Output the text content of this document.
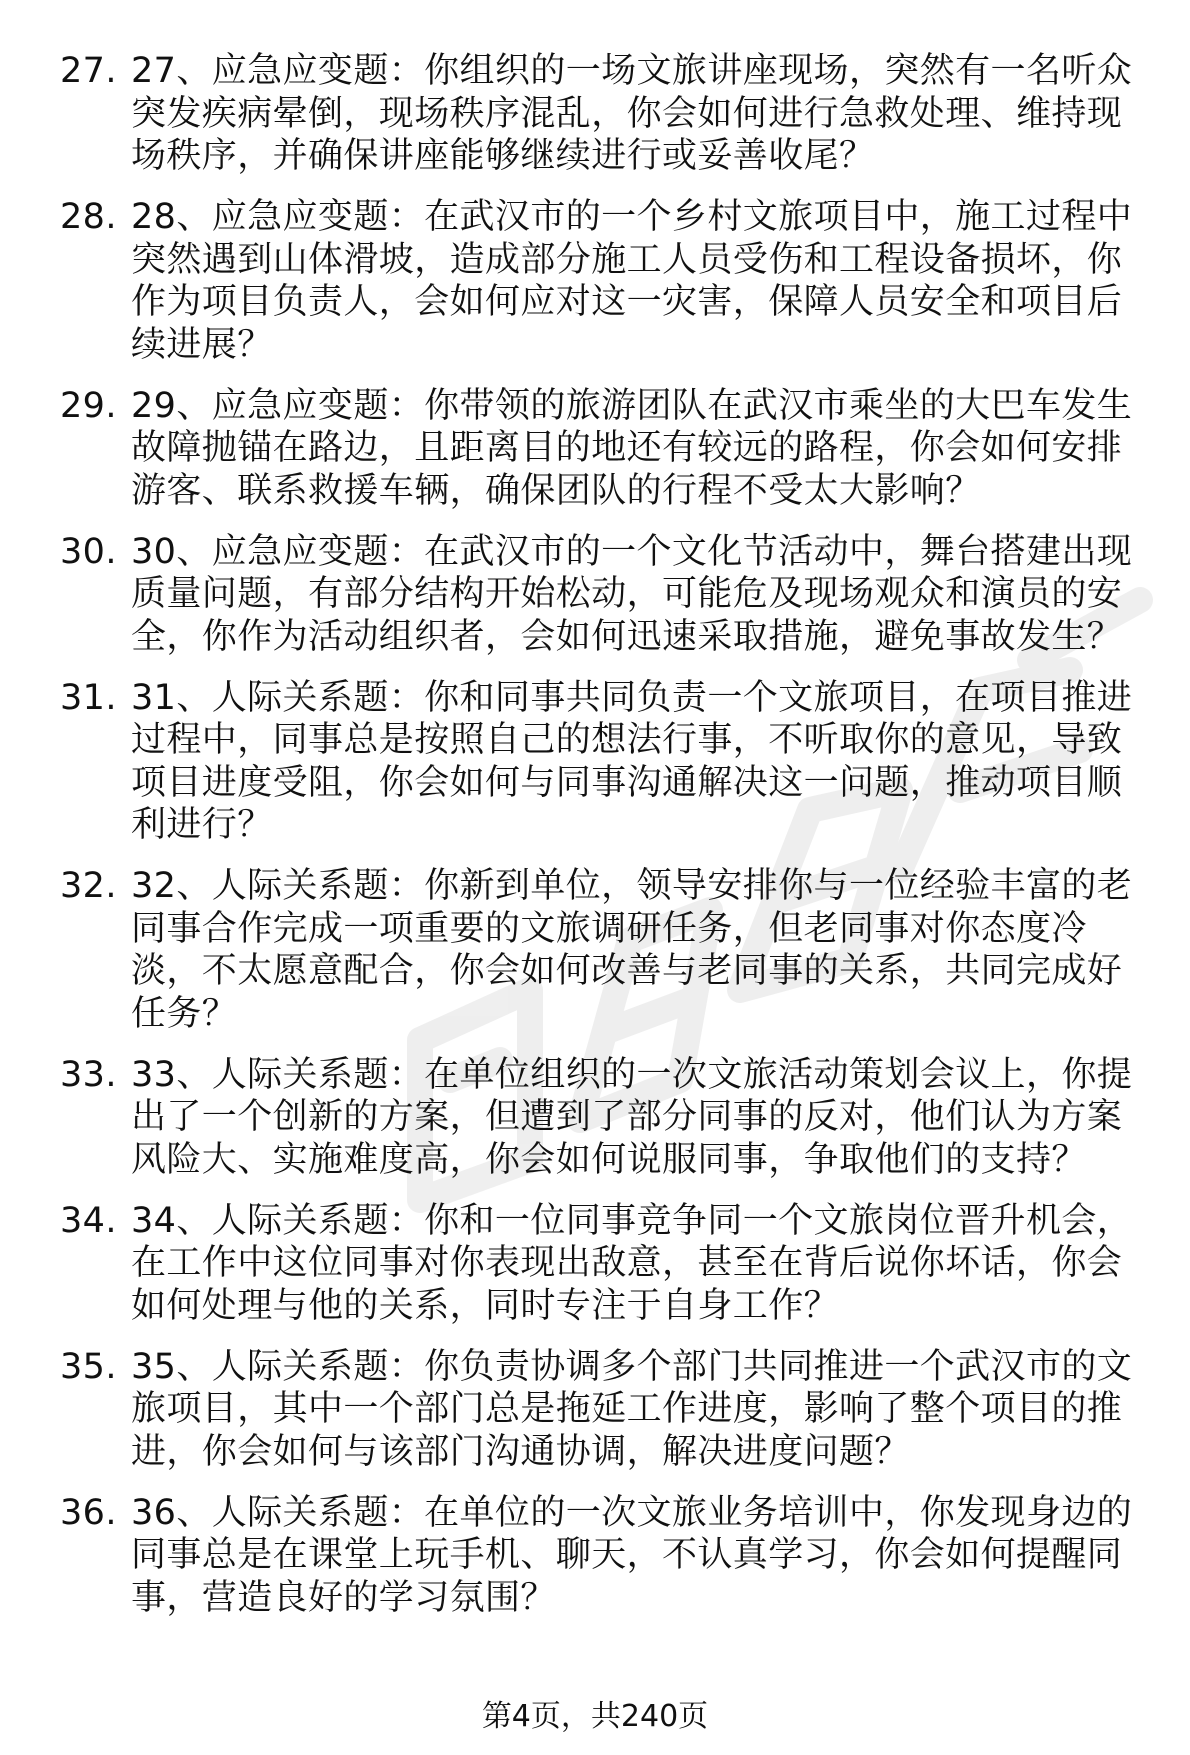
27. 27、应急应变题：你组织的一场文旅讲座现场，突然有一名听众突发疾病晕倒，现场秩序混乱，你会如何进行急救处理、维持现场秩序，并确保讲座能够继续进行或妥善收尾？
28. 28、应急应变题：在武汉市的一个乡村文旅项目中，施工过程中突然遇到山体滑坡，造成部分施工人员受伤和工程设备损坏，你作为项目负责人，会如何应对这一灾害，保障人员安全和项目后续进展？
29. 29、应急应变题：你带领的旅游团队在武汉市乘坐的大巴车发生故障抛锚在路边，且距离目的地还有较远的路程，你会如何安排游客、联系救援车辆，确保团队的行程不受太大影响？
30. 30、应急应变题：在武汉市的一个文化节活动中，舞台搭建出现质量问题，有部分结构开始松动，可能危及现场观众和演员的安全，你作为活动组织者，会如何迅速采取措施，避免事故发生？
31. 31、人际关系题：你和同事共同负责一个文旅项目，在项目推进过程中，同事总是按照自己的想法行事，不听取你的意见，导致项目进度受阻，你会如何与同事沟通解决这一问题，推动项目顺利进行？
32. 32、人际关系题：你新到单位，领导安排你与一位经验丰富的老同事合作完成一项重要的文旅调研任务，但老同事对你态度冷淡，不太愿意配合，你会如何改善与老同事的关系，共同完成好任务？
33. 33、人际关系题：在单位组织的一次文旅活动策划会议上，你提出了一个创新的方案，但遭到了部分同事的反对，他们认为方案风险大、实施难度高，你会如何说服同事，争取他们的支持？
34. 34、人际关系题：你和一位同事竞争同一个文旅岗位晋升机会，在工作中这位同事对你表现出敌意，甚至在背后说你坏话，你会如何处理与他的关系，同时专注于自身工作？
35. 35、人际关系题：你负责协调多个部门共同推进一个武汉市的文旅项目，其中一个部门总是拖延工作进度，影响了整个项目的推进，你会如何与该部门沟通协调，解决进度问题？
36. 36、人际关系题：在单位的一次文旅业务培训中，你发现身边的同事总是在课堂上玩手机、聊天，不认真学习，你会如何提醒同事，营造良好的学习氛围？
第4页，共240页
